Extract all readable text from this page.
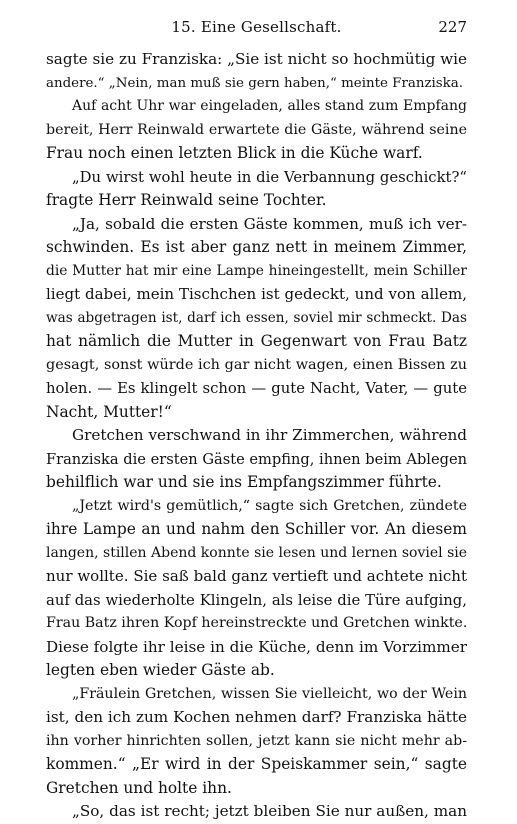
15. Eine Gesellschaft.	227
sagte sie zu Franziska: „Sie ist nicht so hochmütig wie
andere.“ „Nein, man muß sie gern haben,“ meinte Franziska.
Auf acht Uhr war eingeladen, alles stand zum Empfang
bereit, Herr Reinwald erwartete die Gäste, während seine
Frau noch einen letzten Blick in die Küche warf.
„Du wirst wohl heute in die Verbannung geschickt?“
fragte Herr Reinwald seine Tochter.
„Ja, sobald die ersten Gäste kommen, muß ich ver-
schwinden. Es ist aber ganz nett in meinem Zimmer,
die Mutter hat mir eine Lampe hineingestellt, mein Schiller
liegt dabei, mein Tischchen ist gedeckt, und von allem,
was abgetragen ist, darf ich essen, soviel mir schmeckt. Das
hat nämlich die Mutter in Gegenwart von Frau Batz
gesagt, sonst würde ich gar nicht wagen, einen Bissen zu
holen. — Es klingelt schon — gute Nacht, Vater, — gute
Nacht, Mutter!“
Gretchen verschwand in ihr Zimmerchen, während
Franziska die ersten Gäste empfing, ihnen beim Ablegen
behilflich war und sie ins Empfangszimmer führte.
„Jetzt wird's gemütlich,“ sagte sich Gretchen, zündete
ihre Lampe an und nahm den Schiller vor. An diesem
langen, stillen Abend konnte sie lesen und lernen soviel sie
nur wollte. Sie saß bald ganz vertieft und achtete nicht
auf das wiederholte Klingeln, als leise die Türe aufging,
Frau Batz ihren Kopf hereinstreckte und Gretchen winkte.
Diese folgte ihr leise in die Küche, denn im Vorzimmer
legten eben wieder Gäste ab.
„Fräulein Gretchen, wissen Sie vielleicht, wo der Wein
ist, den ich zum Kochen nehmen darf? Franziska hätte
ihn vorher hinrichten sollen, jetzt kann sie nicht mehr ab-
kommen.“ „Er wird in der Speiskammer sein,“ sagte
Gretchen und holte ihn.
„So, das ist recht; jetzt bleiben Sie nur außen, man
